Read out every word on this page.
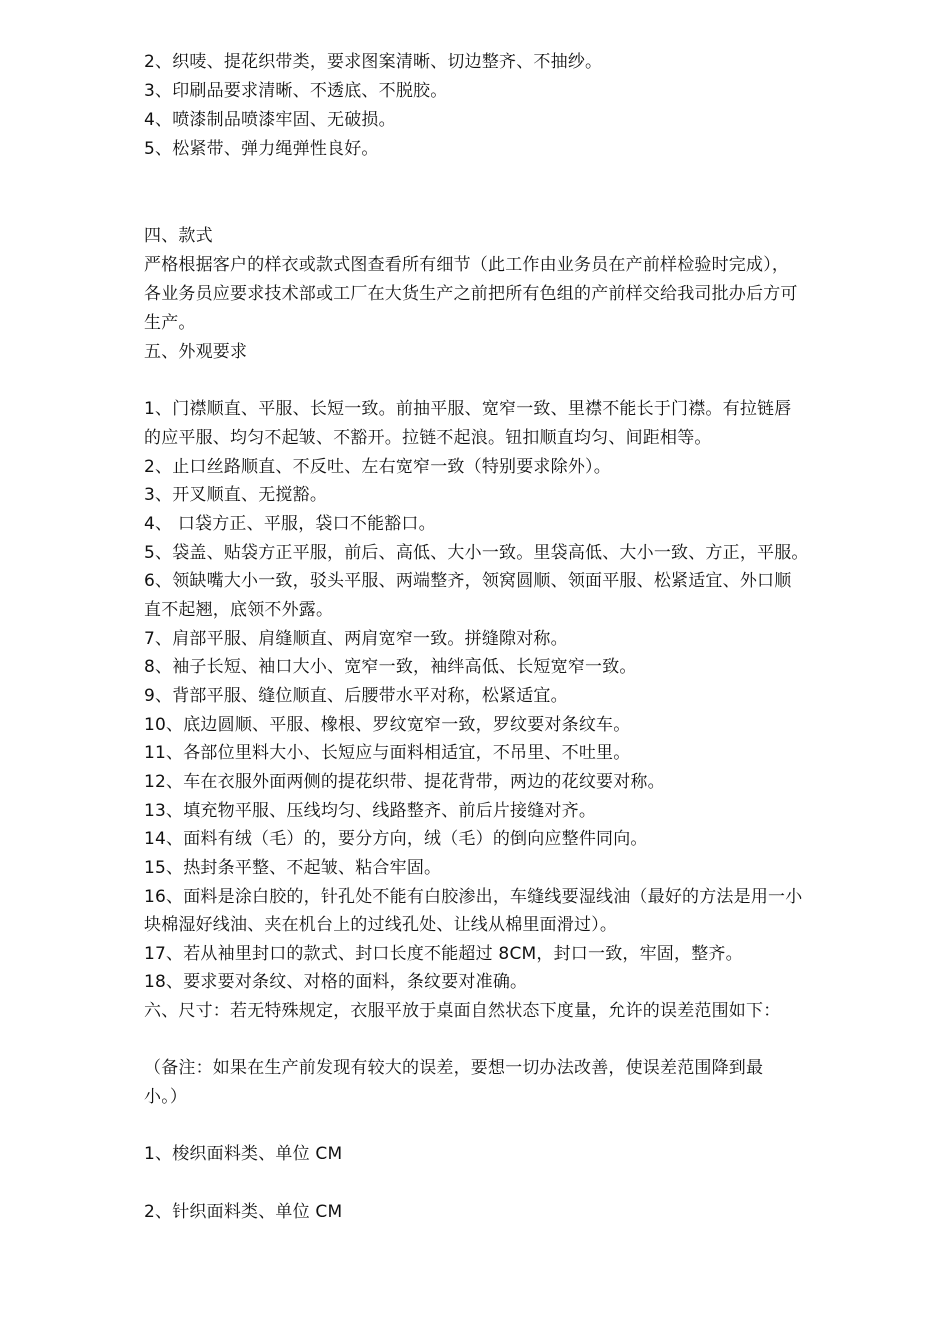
2、织唛、提花织带类，要求图案清晰、切边整齐、不抽纱。
3、印刷品要求清晰、不透底、不脱胶。
4、喷漆制品喷漆牢固、无破损。
5、松紧带、弹力绳弹性良好。
四、款式
严格根据客户的样衣或款式图查看所有细节（此工作由业务员在产前样检验时完成），
各业务员应要求技术部或工厂在大货生产之前把所有色组的产前样交给我司批办后方可
生产。
五、外观要求
1、门襟顺直、平服、长短一致。前抽平服、宽窄一致、里襟不能长于门襟。有拉链唇
的应平服、均匀不起皱、不豁开。拉链不起浪。钮扣顺直均匀、间距相等。
2、止口丝路顺直、不反吐、左右宽窄一致（特别要求除外）。
3、开叉顺直、无搅豁。
4、 口袋方正、平服，袋口不能豁口。
5、袋盖、贴袋方正平服，前后、高低、大小一致。里袋高低、大小一致、方正，平服。
6、领缺嘴大小一致，驳头平服、两端整齐，领窝圆顺、领面平服、松紧适宜、外口顺
直不起翘，底领不外露。
7、肩部平服、肩缝顺直、两肩宽窄一致。拼缝隙对称。
8、袖子长短、袖口大小、宽窄一致，袖绊高低、长短宽窄一致。
9、背部平服、缝位顺直、后腰带水平对称，松紧适宜。
10、底边圆顺、平服、橡根、罗纹宽窄一致，罗纹要对条纹车。
11、各部位里料大小、长短应与面料相适宜，不吊里、不吐里。
12、车在衣服外面两侧的提花织带、提花背带，两边的花纹要对称。
13、填充物平服、压线均匀、线路整齐、前后片接缝对齐。
14、面料有绒（毛）的，要分方向，绒（毛）的倒向应整件同向。
15、热封条平整、不起皱、粘合牢固。
16、面料是涂白胶的，针孔处不能有白胶渗出，车缝线要湿线油（最好的方法是用一小
块棉湿好线油、夹在机台上的过线孔处、让线从棉里面滑过）。
17、若从袖里封口的款式、封口长度不能超过 8CM，封口一致，牢固，整齐。
18、要求要对条纹、对格的面料，条纹要对准确。
六、尺寸：若无特殊规定，衣服平放于桌面自然状态下度量，允许的误差范围如下：
（备注：如果在生产前发现有较大的误差，要想一切办法改善，使误差范围降到最
小。）
1、梭织面料类、单位 CM
2、针织面料类、单位 CM
